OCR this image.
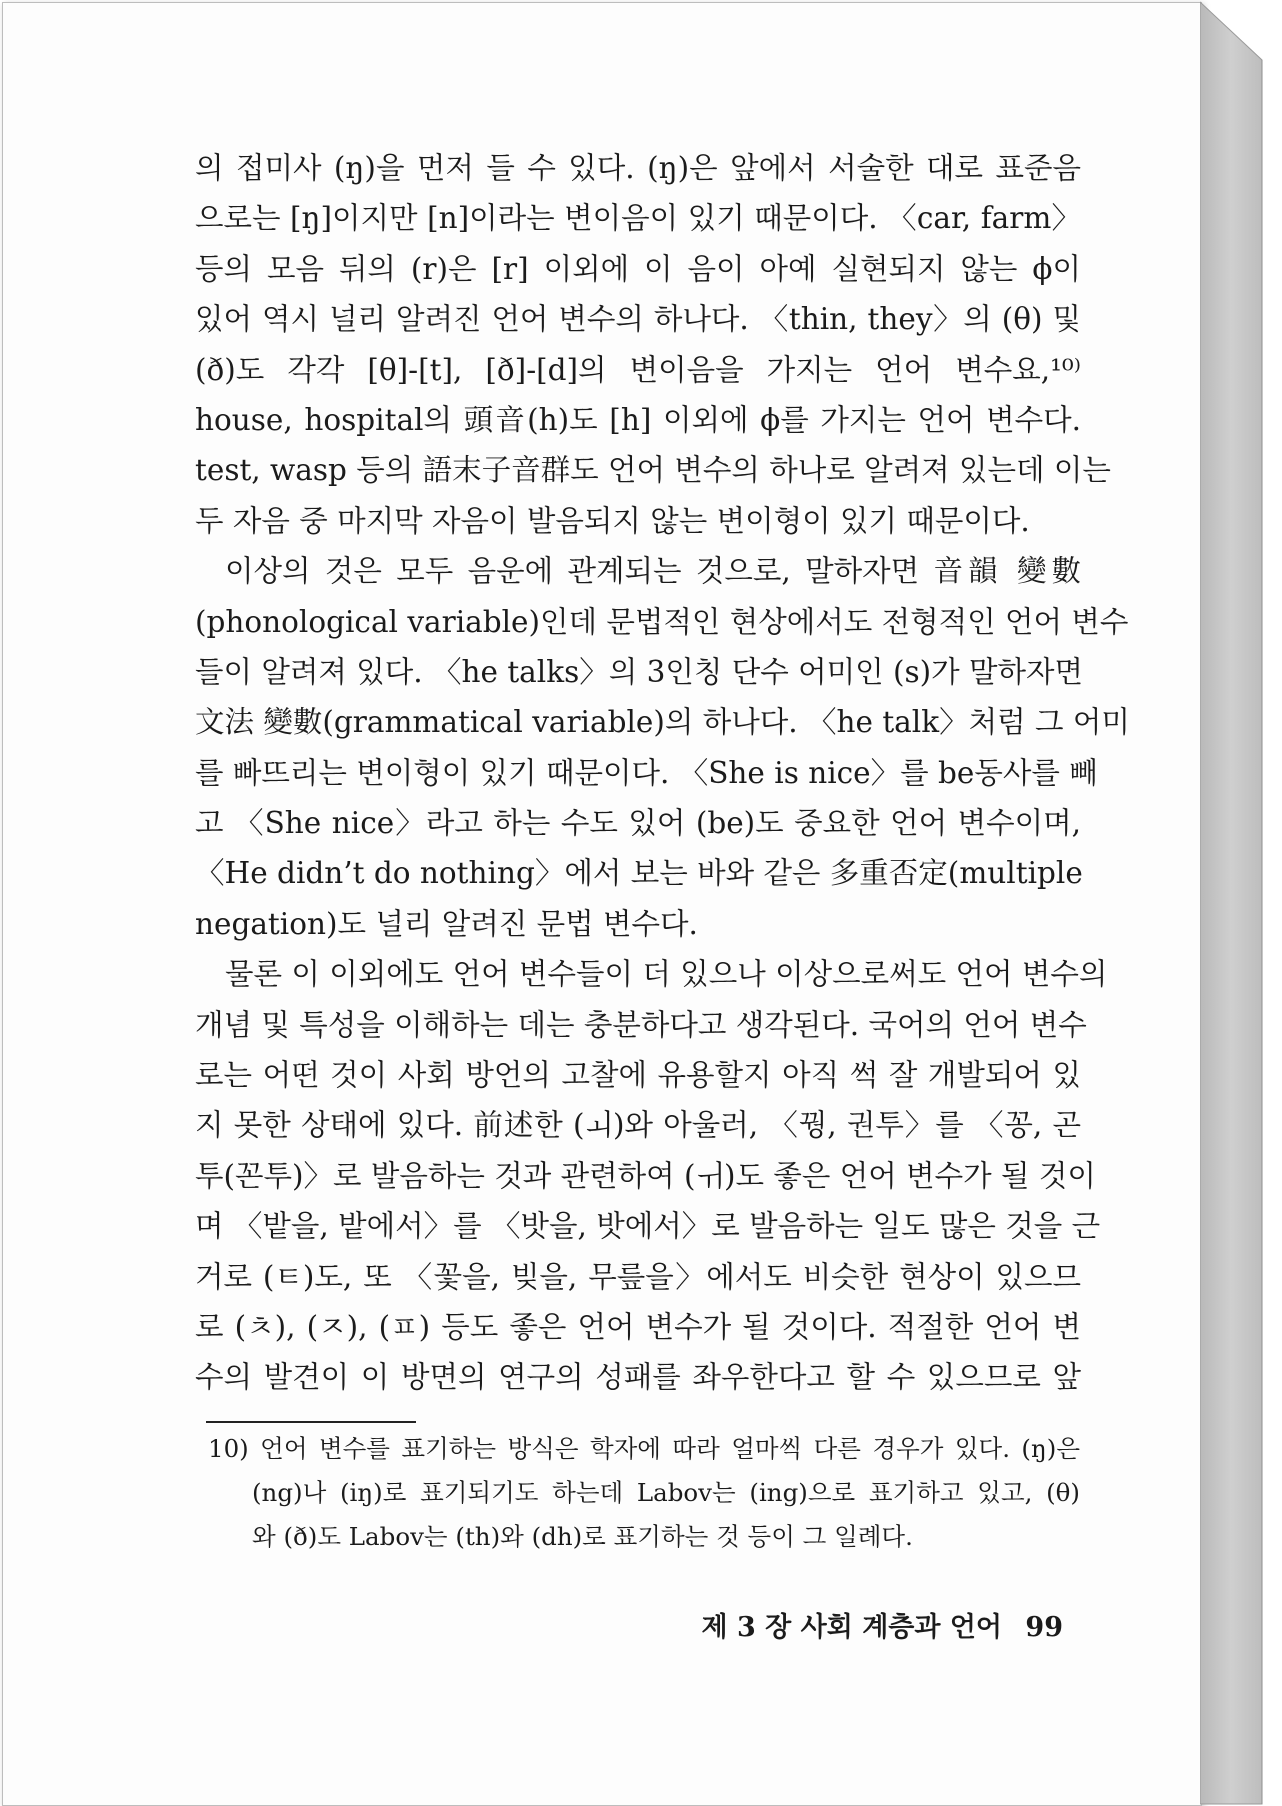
의 접미사 (ŋ)을 먼저 들 수 있다. (ŋ)은 앞에서 서술한 대로 표준음
으로는 [ŋ]이지만 [n]이라는 변이음이 있기 때문이다. 〈car, farm〉
등의 모음 뒤의 (r)은 [r] 이외에 이 음이 아예 실현되지 않는 ϕ이
있어 역시 널리 알려진 언어 변수의 하나다. 〈thin, they〉의 (θ) 및
(ð)도 각각 [θ]-[t], [ð]-[d]의 변이음을 가지는 언어 변수요,¹⁰⁾
house, hospital의 頭音(h)도 [h] 이외에 ϕ를 가지는 언어 변수다.
test, wasp 등의 語末子音群도 언어 변수의 하나로 알려져 있는데 이는
두 자음 중 마지막 자음이 발음되지 않는 변이형이 있기 때문이다.
이상의 것은 모두 음운에 관계되는 것으로, 말하자면 音韻 變數
(phonological variable)인데 문법적인 현상에서도 전형적인 언어 변수
들이 알려져 있다. 〈he talks〉의 3인칭 단수 어미인 (s)가 말하자면
文法 變數(grammatical variable)의 하나다. 〈he talk〉처럼 그 어미
를 빠뜨리는 변이형이 있기 때문이다. 〈She is nice〉를 be동사를 빼
고 〈She nice〉라고 하는 수도 있어 (be)도 중요한 언어 변수이며,
〈He didn’t do nothing〉에서 보는 바와 같은 多重否定(multiple
negation)도 널리 알려진 문법 변수다.
물론 이 이외에도 언어 변수들이 더 있으나 이상으로써도 언어 변수의
개념 및 특성을 이해하는 데는 충분하다고 생각된다. 국어의 언어 변수
로는 어떤 것이 사회 방언의 고찰에 유용할지 아직 썩 잘 개발되어 있
지 못한 상태에 있다. 前述한 (ㅚ)와 아울러, 〈꿩, 권투〉를 〈꽁, 곤
투(꼰투)〉로 발음하는 것과 관련하여 (ㅟ)도 좋은 언어 변수가 될 것이
며 〈밭을, 밭에서〉를 〈밧을, 밧에서〉로 발음하는 일도 많은 것을 근
거로 (ㅌ)도, 또 〈꽃을, 빚을, 무릎을〉에서도 비슷한 현상이 있으므
로 (ㅊ), (ㅈ), (ㅍ) 등도 좋은 언어 변수가 될 것이다. 적절한 언어 변
수의 발견이 이 방면의 연구의 성패를 좌우한다고 할 수 있으므로 앞
10) 언어 변수를 표기하는 방식은 학자에 따라 얼마씩 다른 경우가 있다. (ŋ)은
(ng)나 (iŋ)로 표기되기도 하는데 Labov는 (ing)으로 표기하고 있고, (θ)
와 (ð)도 Labov는 (th)와 (dh)로 표기하는 것 등이 그 일례다.
제 3 장 사회 계층과 언어 99
